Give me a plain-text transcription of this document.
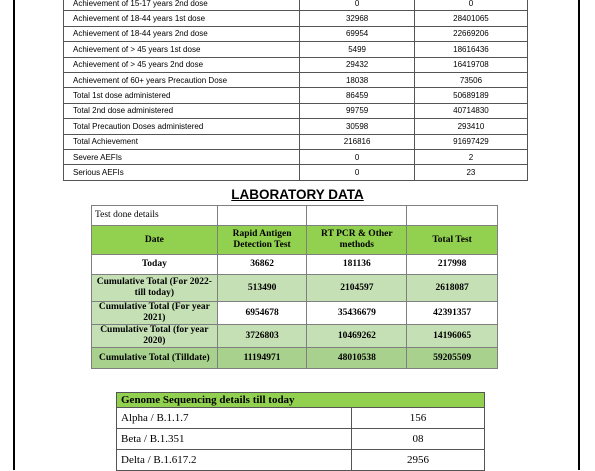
Achievement of 15-17 years 2nd dose	0	0
Achievement of 18-44 years 1st dose	32968	28401065
Achievement of 18-44 years 2nd dose	69954	22669206
Achievement of > 45 years 1st dose	5499	18616436
Achievement of > 45 years 2nd dose	29432	16419708
Achievement of 60+ years Precaution Dose	18038	73506
Total 1st dose administered	86459	50689189
Total 2nd dose administered	99759	40714830
Total Precaution Doses administered	30598	293410
Total Achievement	216816	91697429
Severe AEFIs	0	2
Serious AEFIs	0	23
LABORATORY DATA
Test done details			
Date	Rapid Antigen Detection Test	RT PCR & Other methods	Total Test
Today	36862	181136	217998
Cumulative Total (For 2022- till today)	513490	2104597	2618087
Cumulative Total (For year 2021)	6954678	35436679	42391357
Cumulative Total (for year 2020)	3726803	10469262	14196065
Cumulative Total (Tilldate)	11194971	48010538	59205509
Genome Sequencing details till today	
Alpha / B.1.1.7	156
Beta / B.1.351	08
Delta / B.1.617.2	2956
